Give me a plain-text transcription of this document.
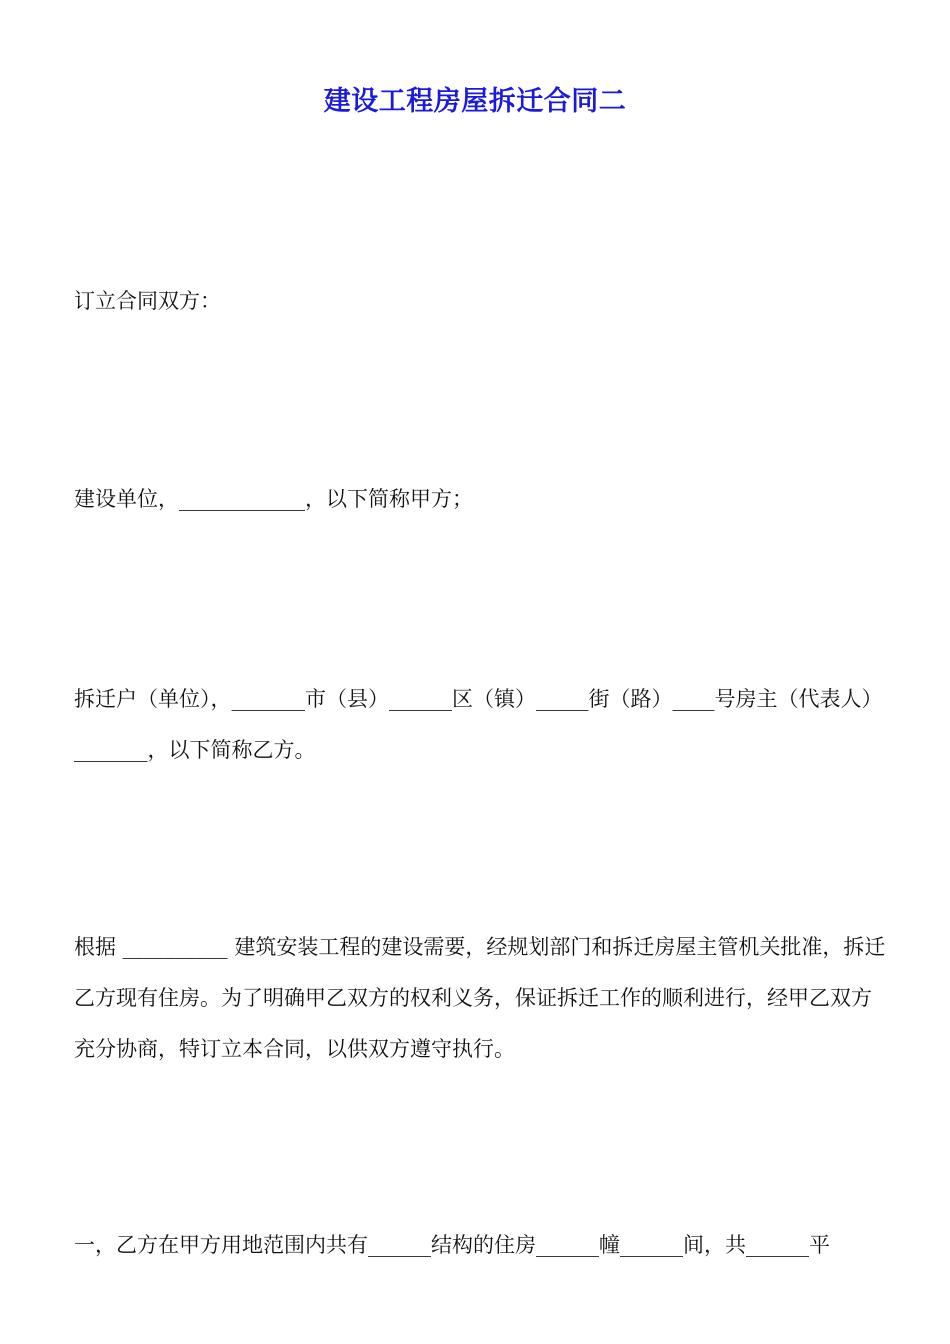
建设工程房屋拆迁合同二

订立合同双方：

建设单位，____________，以下简称甲方；

拆迁户（单位），_______市（县）______区（镇）_____街（路）____号房主（代表人）_______，以下简称乙方。

根据 __________ 建筑安装工程的建设需要，经规划部门和拆迁房屋主管机关批准，拆迁乙方现有住房。为了明确甲乙双方的权利义务，保证拆迁工作的顺利进行，经甲乙双方充分协商，特订立本合同，以供双方遵守执行。

一，乙方在甲方用地范围内共有______结构的住房______幢______间，共______平
